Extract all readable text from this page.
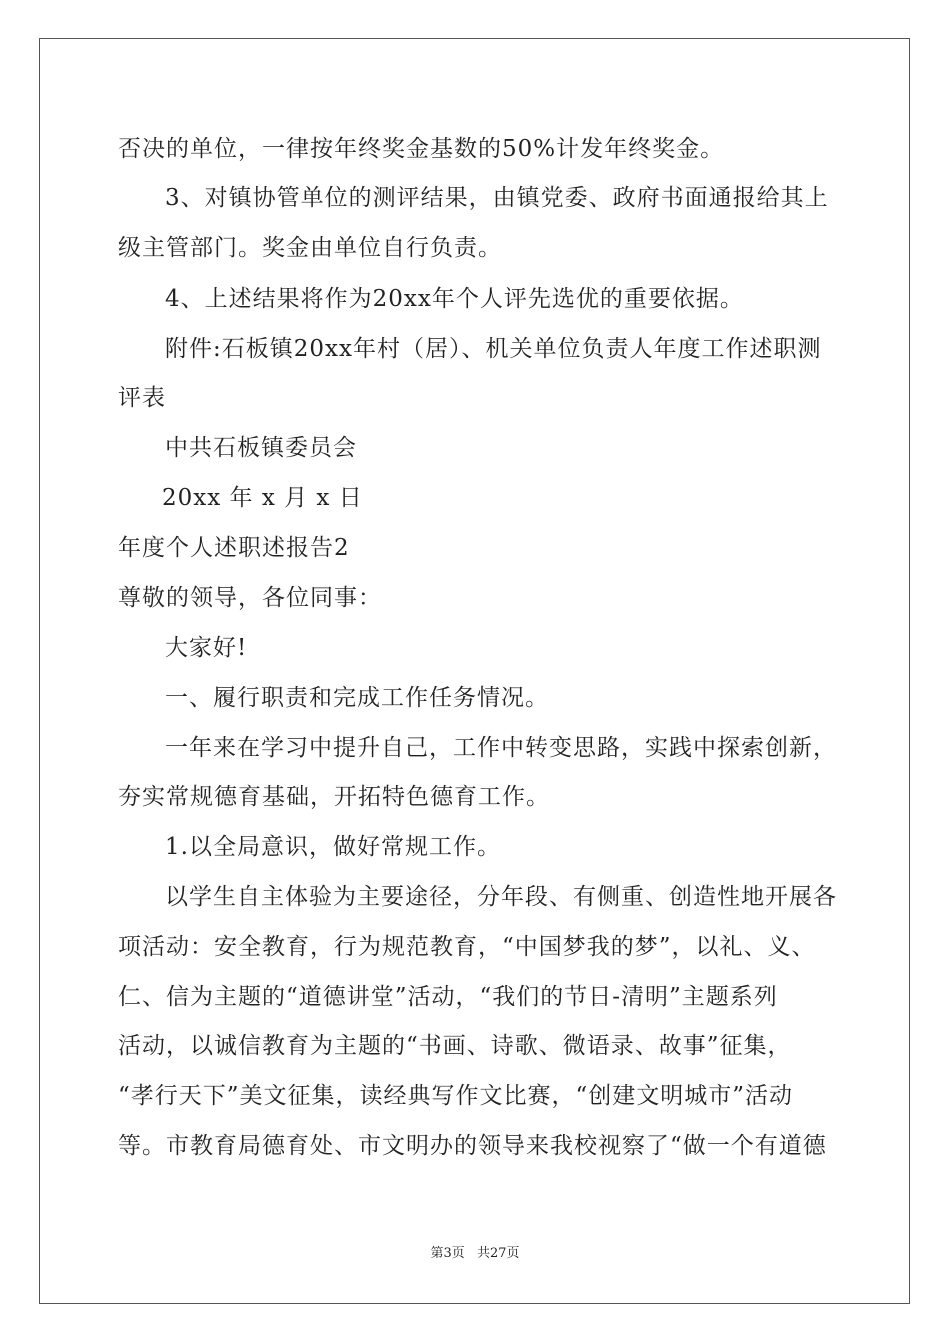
否决的单位，一律按年终奖金基数的50%计发年终奖金。
3、对镇协管单位的测评结果，由镇党委、政府书面通报给其上
级主管部门。奖金由单位自行负责。
4、上述结果将作为20xx年个人评先选优的重要依据。
附件:石板镇20xx年村（居）、机关单位负责人年度工作述职测
评表
中共石板镇委员会
20xx 年 x 月 x 日
年度个人述职述报告2
尊敬的领导，各位同事：
大家好!
一、履行职责和完成工作任务情况。
一年来在学习中提升自己，工作中转变思路，实践中探索创新，
夯实常规德育基础，开拓特色德育工作。
1.以全局意识，做好常规工作。
以学生自主体验为主要途径，分年段、有侧重、创造性地开展各
项活动：安全教育，行为规范教育，“中国梦我的梦”，以礼、义、
仁、信为主题的“道德讲堂”活动，“我们的节日-清明”主题系列
活动，以诚信教育为主题的“书画、诗歌、微语录、故事”征集，
“孝行天下”美文征集，读经典写作文比赛，“创建文明城市”活动
等。市教育局德育处、市文明办的领导来我校视察了“做一个有道德
第3页 共27页
